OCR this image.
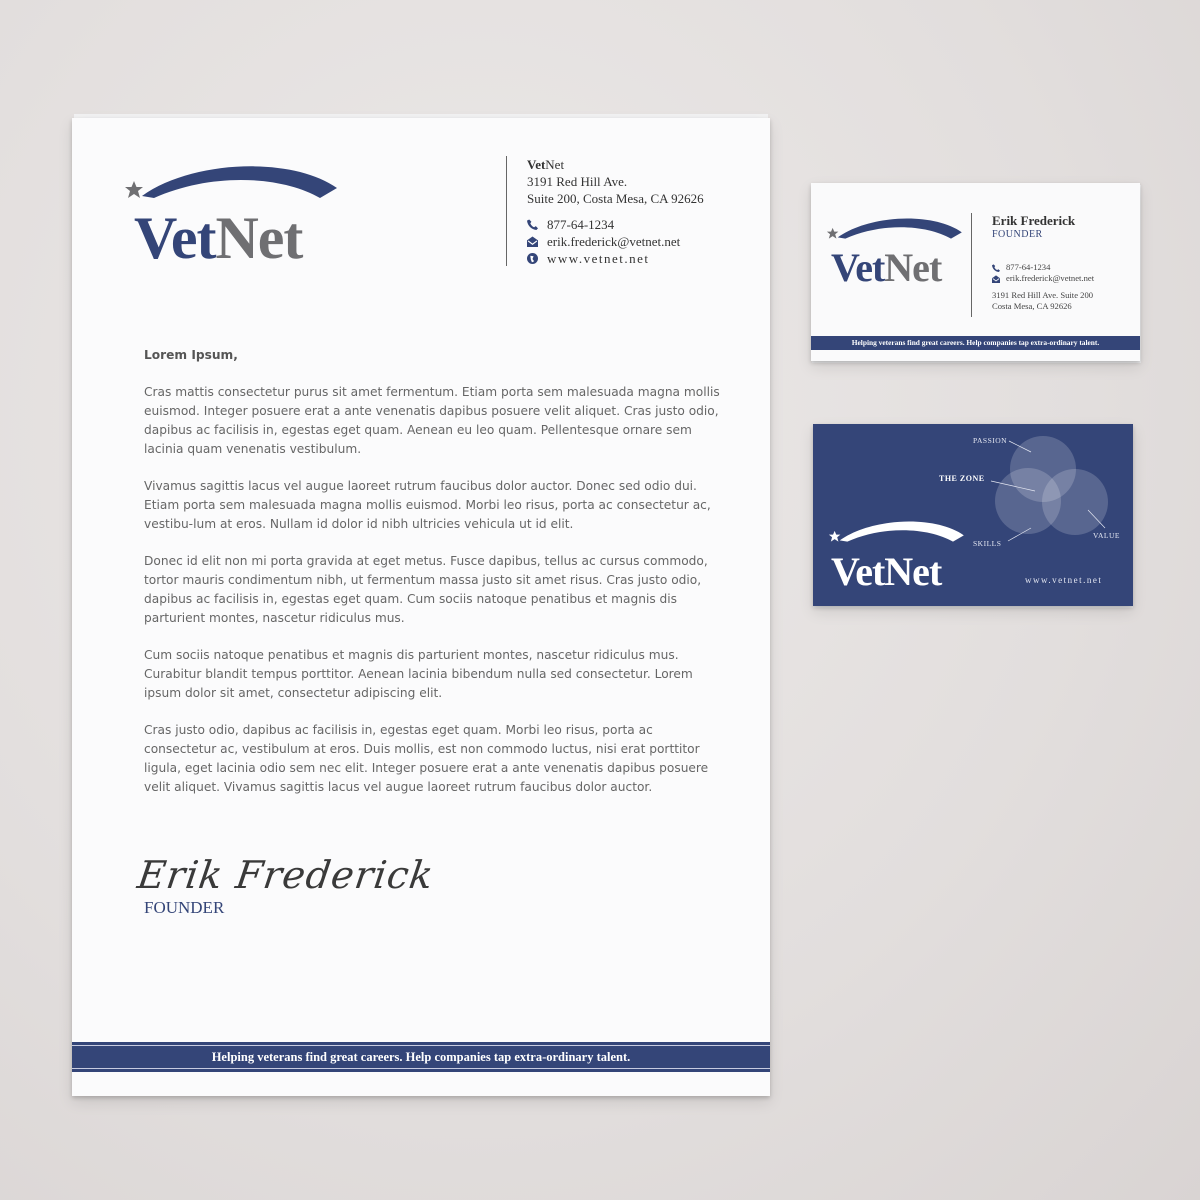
VetNet
VetNet
3191 Red Hill Ave.
Suite 200, Costa Mesa, CA 92626
877-64-1234
erik.frederick@vetnet.net
www.vetnet.net

Lorem Ipsum,

Cras mattis consectetur purus sit amet fermentum. Etiam porta sem malesuada magna mollis euismod. Integer posuere erat a ante venenatis dapibus posuere velit aliquet. Cras justo odio, dapibus ac facilisis in, egestas eget quam. Aenean eu leo quam. Pellentesque ornare sem lacinia quam venenatis vestibulum.

Vivamus sagittis lacus vel augue laoreet rutrum faucibus dolor auctor. Donec sed odio dui. Etiam porta sem malesuada magna mollis euismod. Morbi leo risus, porta ac consectetur ac, vestibu-lum at eros. Nullam id dolor id nibh ultricies vehicula ut id elit.

Donec id elit non mi porta gravida at eget metus. Fusce dapibus, tellus ac cursus commodo, tortor mauris condimentum nibh, ut fermentum massa justo sit amet risus. Cras justo odio, dapibus ac facilisis in, egestas eget quam. Cum sociis natoque penatibus et magnis dis parturient montes, nascetur ridiculus mus.

Cum sociis natoque penatibus et magnis dis parturient montes, nascetur ridiculus mus. Curabitur blandit tempus porttitor. Aenean lacinia bibendum nulla sed consectetur. Lorem ipsum dolor sit amet, consectetur adipiscing elit.

Cras justo odio, dapibus ac facilisis in, egestas eget quam. Morbi leo risus, porta ac consectetur ac, vestibulum at eros. Duis mollis, est non commodo luctus, nisi erat porttitor ligula, eget lacinia odio sem nec elit. Integer posuere erat a ante venenatis dapibus posuere velit aliquet. Vivamus sagittis lacus vel augue laoreet rutrum faucibus dolor auctor.

Erik Frederick
FOUNDER
Helping veterans find great careers. Help companies tap extra-ordinary talent.
VetNet
Erik Frederick
FOUNDER
877-64-1234
erik.frederick@vetnet.net
3191 Red Hill Ave. Suite 200
Costa Mesa, CA 92626
Helping veterans find great careers. Help companies tap extra-ordinary talent.
PASSION
THE ZONE
SKILLS
VALUE
VetNet	www.vetnet.net
